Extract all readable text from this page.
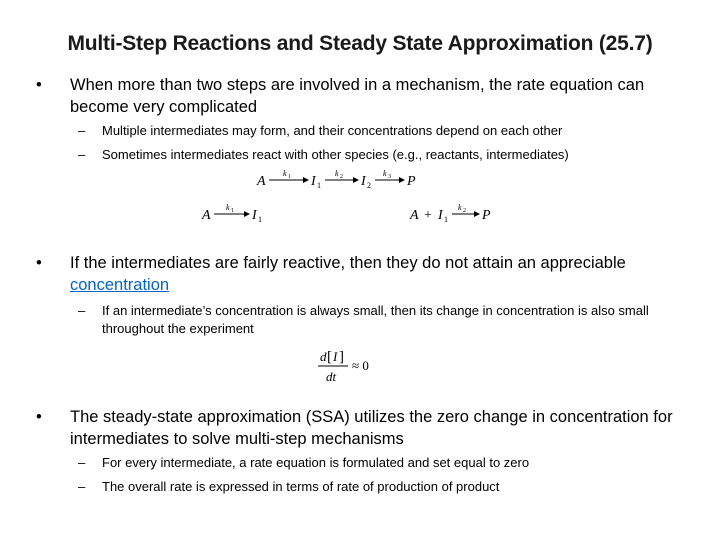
Multi-Step Reactions and Steady State Approximation (25.7)
• When more than two steps are involved in a mechanism, the rate equation can become very complicated
– Multiple intermediates may form, and their concentrations depend on each other
– Sometimes intermediates react with other species (e.g., reactants, intermediates)
A
k 1 I 1
k 2 I 2
k 3 P
A
k 1 I 1	A + I 1
k 2 P
• If the intermediates are fairly reactive, then they do not attain an appreciable concentration
– If an intermediate’s concentration is always small, then its change in concentration is also small throughout the experiment
d [ I ]
dt
≈ 0
• The steady-state approximation (SSA) utilizes the zero change in concentration for intermediates to solve multi-step mechanisms
– For every intermediate, a rate equation is formulated and set equal to zero
– The overall rate is expressed in terms of rate of production of product
